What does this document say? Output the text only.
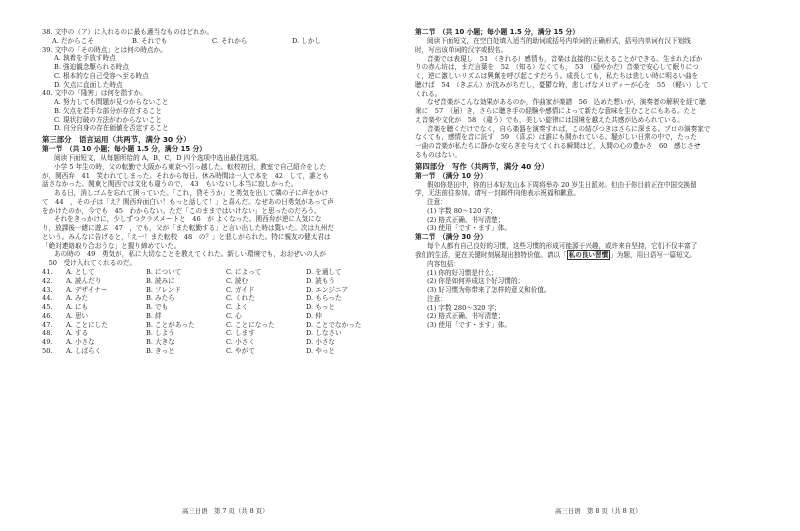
38. 文中の（ア）に入れるのに最も適当なものはどれか。
A. だからこそ	B. それでも	C. それから	D. しかし
39. 文中の「その時点」とは何の時点か。
A. 執着を手放す時点
B. 強迫観念駆られる時点
C. 根本的な自己受容へ至る時点
D. 欠点に直面した時点
40. 文中の「隆害」は何を指すか。
A. 努力しても問題が見つからないこと
B. 欠点を若手な部分が存在すること
C. 現状打破の方法がわからないこと
D. 自分自身の存在価値を否定すること
第三部分　语言运用（共两节，满分 30 分）
第一节　（共 10 小题；每小题 1.5 分，满分 15 分）
阅读下面短文，从每题所给的 A，B，C，D 四个选项中选出最佳选项。
小学 5 年生の時，父の転勤で大阪から東京へ引っ越した。転校初日，教室で自己紹介をした
が，関西弁　41　笑われてしまった。それから毎日，休み時間は一人で本を　42　して，誰とも
話さなかった。関東と関西では文化も違うので，　43　もいないし本当に寂しかった。
ある日，消しゴムを忘れて困っていた。「これ，貸そうか」と勇気を出して隣の子に声をかけ
て　44　，その子は「え？関西弁面白い！もっと話して！」と喜んだ。なぜあの日勇気があって声
をかけたのか，今でも　45　わからない。ただ「このままではいけない」と思ったのだろう。
それをきっかけに，少しずつクラスメートと　46　が よくなった。関西弁が逆に人気にな
り，放課後一緒に遊ぶ　47　，でも，父が「また転勤する」と言い出した時は驚いた。次は九州だ
という。みんなに告げると，「え一！また転校　48　の？」と悲しがられた。特に親友の健太君は
「絶対連絡取り合おうな」と握り締めていた。
あの時の　49　勇気が，私に大切なことを教えてくれた。新しい環境でも，おおぜいの人が
　50　受け入れてくれるのだ。
41.	A. として	B. について	C. によって	D. を通して
42.	A. 読んだり	B. 読みに	C. 読む	D. 読もう
43.	A. デザイナー	B. フレンド	C. ガイド	D. エンジニア
44.	A. みた	B. みたら	C. くれた	D. もらった
45.	A. にも	B. でも	C. よく	D. もっと
46.	A. 思い	B. 絆	C. 心	D. 仲
47.	A. ことにした	B. ことがあった	C. ことになった	D. ことでなかった
48.	A. する	B. しよう	C. します	D. しなさい
49.	A. 小さな	B. 大きな	C. 小さく	D. 小さな
50.	A. しばらく	B. きっと	C. やがて	D. やっと
第二节　（共 10 小题；每小题 1.5 分，满分 15 分）
阅读下面短文，在空白处填入适当的助词或括号内单词的正确形式，括号内单词有汉下划线
时，写出该单词的汉字或假名。
音楽では表現し　51　（きれる）感情も，音楽は直接的に伝えることができる。生まれたばか
りの赤ん坊は，まだ言葉を　52　（知る）なくても，　53　（穏やかだ）音楽で安心して眠りにつ
く，逆に激しいリズムは興奮を呼び起こすだろう。成長しても，私たちは悲しい時に明るい曲を
聴けば　54　（きぶん）が沈みがちだし，憂鬱な時，悲しげなメロディーが心を　55　（軽い）して
くれる。
なぜ音楽がこんな効果があるのか，作曲家が楽譜　56　込めた想いが，演奏者の解釈を経て聴
衆に　57　（届）き，さらに聴き手の経験や感情によって新たな意味を生むことにもある。たと
え音楽や文化が　58　（違う）でも，美しい旋律には国境を越えた共感が込められている。
音楽を聴くだけでなく，自ら楽器を演奏すれば，この結びつきはさらに深まる。プロの演奏家で
なくても，感情を音に託す　59　（喜ぶ）は誰にも開かれている。騒がしい日常の中で，たった
一曲の音楽が私たちに静かな安らぎを与えてくれる瞬間はど，人間の心の豊かさ　60　感じさせ
るものはない。
第四部分　写作（共两节，满分 40 分）
第一节　（满分 10 分）
假如你是田中，你的日本好友山本下周将举办 20 岁生日派对。但由于你目前正在中国交换留
学，无法前往参加。请写一封邮件向他表示祝福和歉意。
注意：
(1) 字数 80～120 字；
(2) 格式正确、书写清楚；
(3) 使用「です・ます」体。
第二节　（满分 30 分）
每个人都有自己良好的习惯，这些习惯的形成可能源于兴趣，或许来自坚持，它们不仅丰富了
我们的生活，更在关键时刻展现出独特价值。请以「 私の良い習慣 」为题，用日语写一篇短文。
内容包括：
(1) 你的好习惯是什么；
(2) 你是如何养成这个好习惯的；
(3) 好习惯为你带来了怎样的意义和价值。
注意：
(1) 字数 280～320 字；
(2) 格式正确、书写清楚；
(3) 使用「です・ます」体。
高三日语　第 7 页（共 8 页）	高三日语　第 8 页（共 8 页）
